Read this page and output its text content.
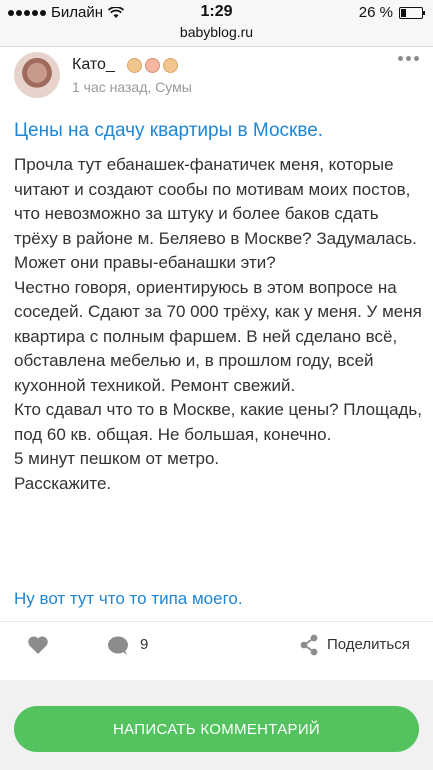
Билайн	1:29	26 %
babyblog.ru
Като_
1 час назад, Сумы
Цены на сдачу квартиры в Москве.

Прочла тут ебанашек-фанатичек меня, которые читают и создают сообы по мотивам моих постов, что невозможно за штуку и более баков сдать трёху в районе м. Беляево в Москве? Задумалась. Может они правы-ебанашки эти?

Честно говоря, ориентируюсь в этом вопросе на соседей. Сдают за 70 000 трёху, как у меня. У меня квартира с полным фаршем. В ней сделано всё, обставлена мебелью и, в прошлом году, всей кухонной техникой. Ремонт свежий.

Кто сдавал что то в Москве, какие цены? Площадь, под 60 кв. общая. Не большая, конечно.

5 минут пешком от метро.

Расскажите.

Ну вот тут что то типа моего.
9	Поделиться
НАПИСАТЬ КОММЕНТАРИЙ
